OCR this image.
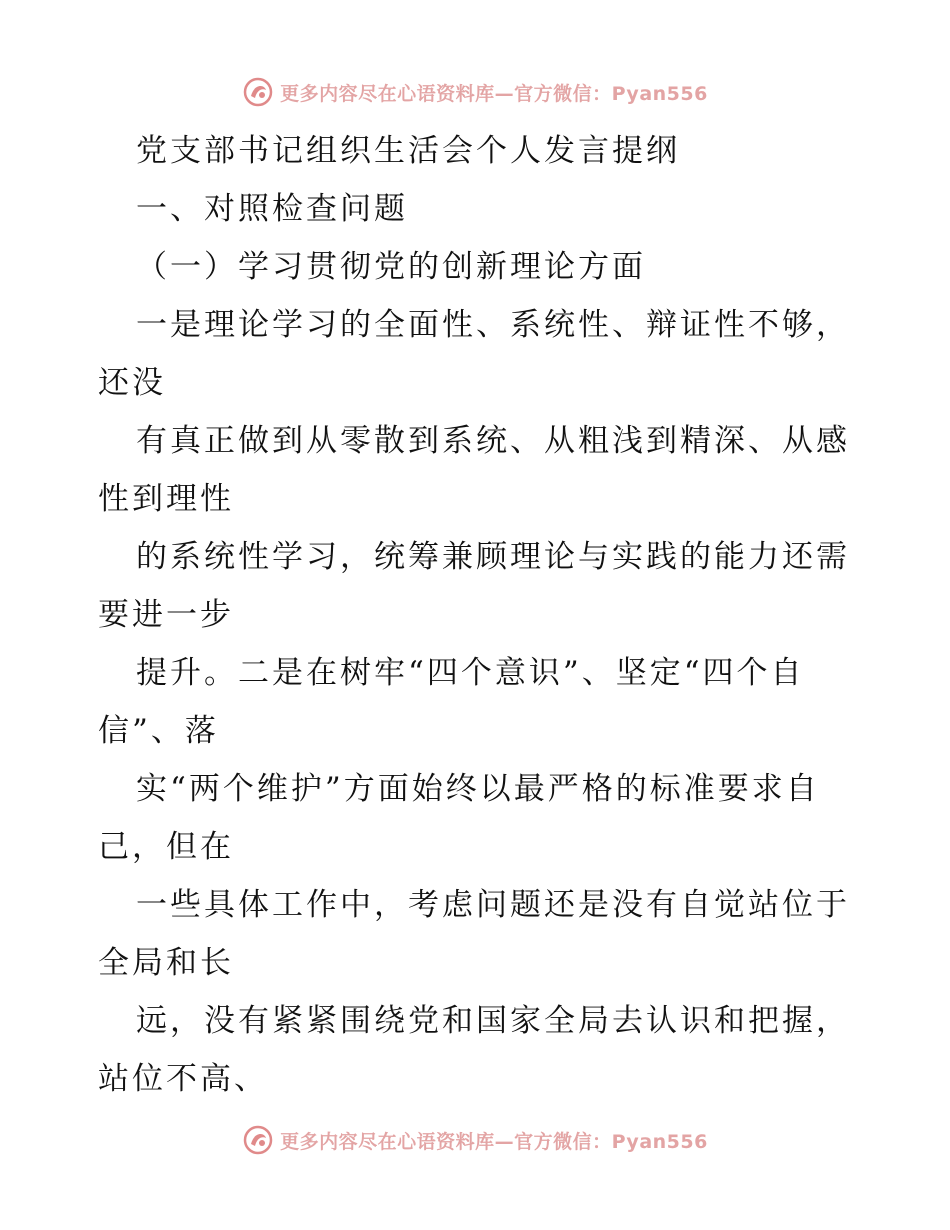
更多内容尽在心语资料库—官方微信：Pyan556
党支部书记组织生活会个人发言提纲
一、对照检查问题
（一）学习贯彻党的创新理论方面
一是理论学习的全面性、系统性、辩证性不够，
还没
有真正做到从零散到系统、从粗浅到精深、从感
性到理性
的系统性学习，统筹兼顾理论与实践的能力还需
要进一步
提升。二是在树牢“四个意识”、坚定“四个自
信”、落
实“两个维护”方面始终以最严格的标准要求自
己，但在
一些具体工作中，考虑问题还是没有自觉站位于
全局和长
远，没有紧紧围绕党和国家全局去认识和把握，
站位不高、
更多内容尽在心语资料库—官方微信：Pyan556
